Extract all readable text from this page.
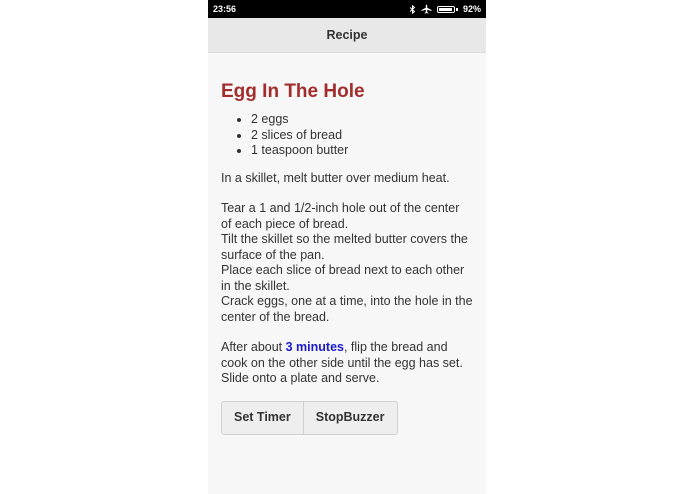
23:56	92%
Recipe
Egg In The Hole
• 2 eggs
• 2 slices of bread
• 1 teaspoon butter

In a skillet, melt butter over medium heat.

Tear a 1 and 1/2-inch hole out of the center of each piece of bread.
Tilt the skillet so the melted butter covers the surface of the pan.
Place each slice of bread next to each other in the skillet.
Crack eggs, one at a time, into the hole in the center of the bread.

After about 3 minutes, flip the bread and cook on the other side until the egg has set. Slide onto a plate and serve.

Set Timer	StopBuzzer
